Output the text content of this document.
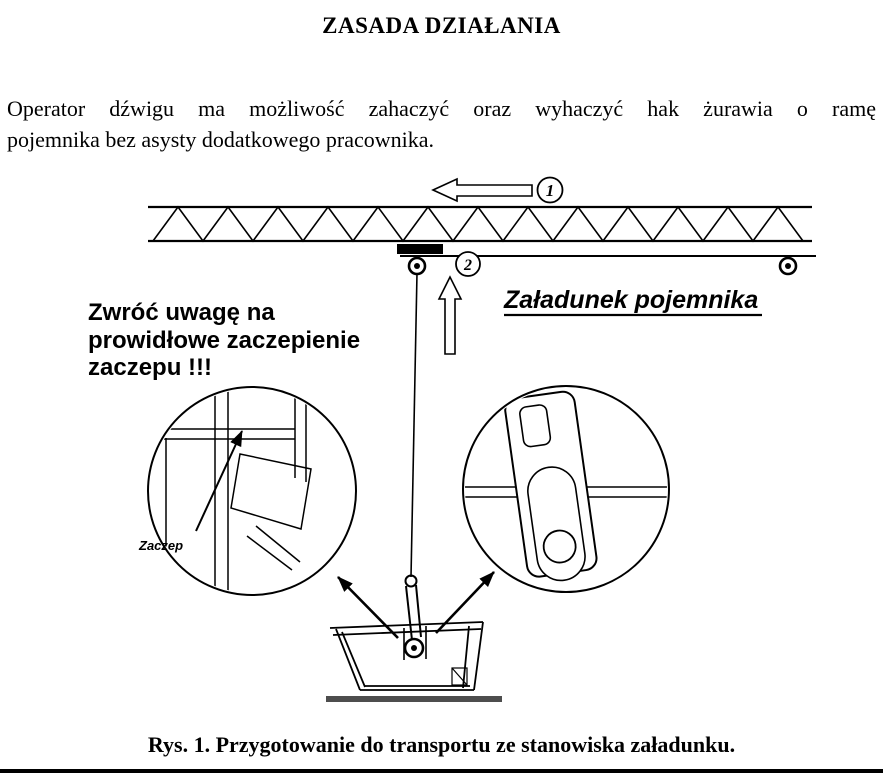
ZASADA DZIAŁANIA
Operator dźwigu ma możliwość zahaczyć oraz wyhaczyć hak żurawia o ramę
pojemnika bez asysty dodatkowego pracownika.
1
2
Załadunek pojemnika
Zwróć uwagę na
prowidłowe zaczepienie
zaczepu !!!
Zaczep
Rys. 1. Przygotowanie do transportu ze stanowiska załadunku.
